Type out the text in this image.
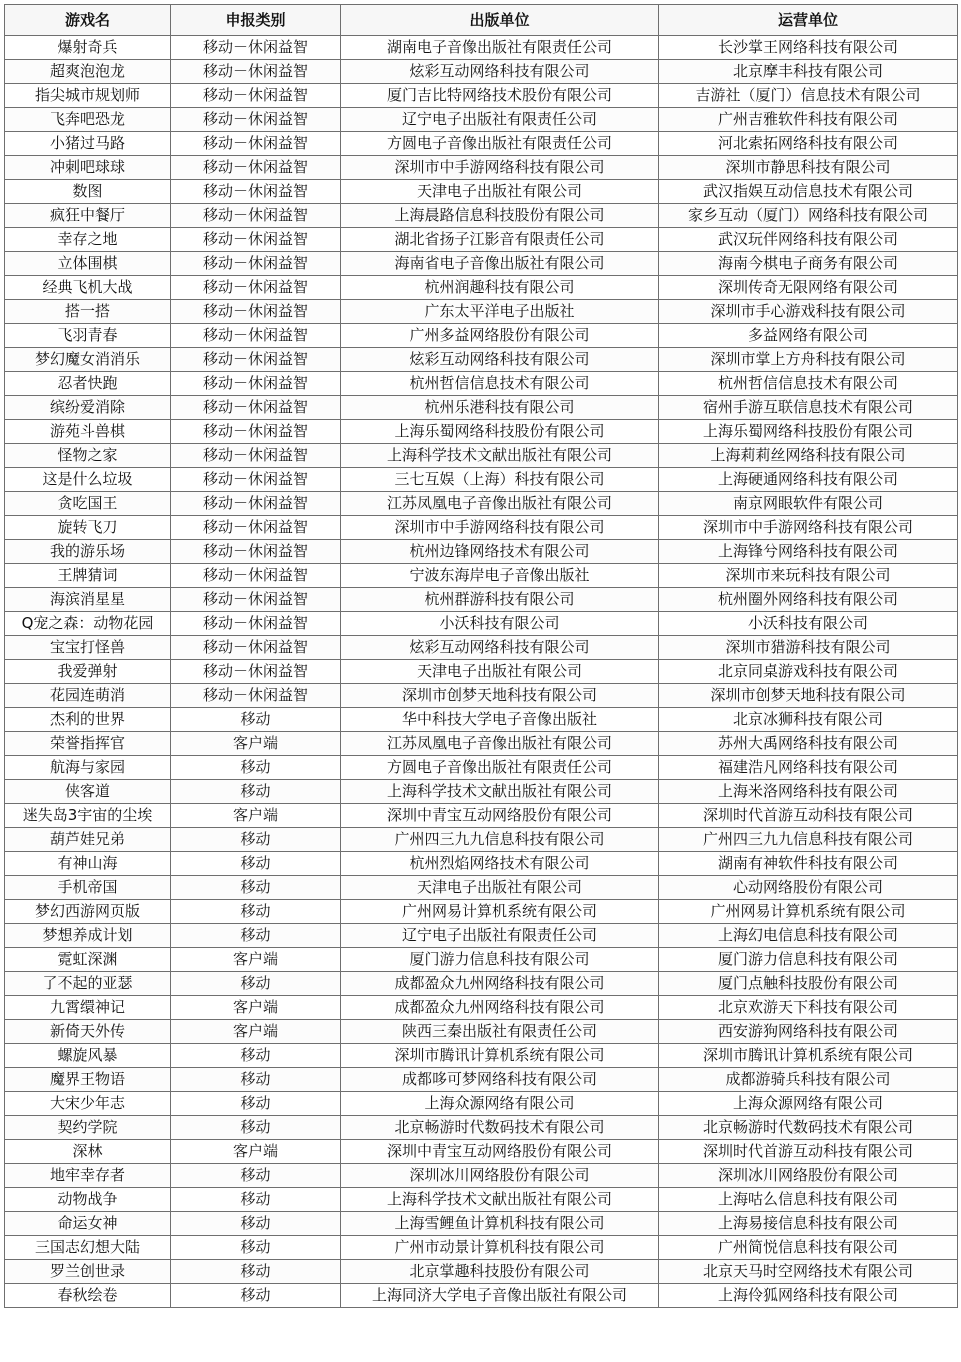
游戏名	申报类别	出版单位	运营单位
爆射奇兵	移动－休闲益智	湖南电子音像出版社有限责任公司	长沙掌王网络科技有限公司
超爽泡泡龙	移动－休闲益智	炫彩互动网络科技有限公司	北京摩丰科技有限公司
指尖城市规划师	移动－休闲益智	厦门吉比特网络技术股份有限公司	吉游社（厦门）信息技术有限公司
飞奔吧恐龙	移动－休闲益智	辽宁电子出版社有限责任公司	广州吉雅软件科技有限公司
小猪过马路	移动－休闲益智	方圆电子音像出版社有限责任公司	河北索拓网络科技有限公司
冲刺吧球球	移动－休闲益智	深圳市中手游网络科技有限公司	深圳市静思科技有限公司
数图	移动－休闲益智	天津电子出版社有限公司	武汉指娱互动信息技术有限公司
疯狂中餐厅	移动－休闲益智	上海晨路信息科技股份有限公司	家乡互动（厦门）网络科技有限公司
幸存之地	移动－休闲益智	湖北省扬子江影音有限责任公司	武汉玩伴网络科技有限公司
立体围棋	移动－休闲益智	海南省电子音像出版社有限公司	海南今棋电子商务有限公司
经典飞机大战	移动－休闲益智	杭州润趣科技有限公司	深圳传奇无限网络有限公司
搭一搭	移动－休闲益智	广东太平洋电子出版社	深圳市手心游戏科技有限公司
飞羽青春	移动－休闲益智	广州多益网络股份有限公司	多益网络有限公司
梦幻魔女消消乐	移动－休闲益智	炫彩互动网络科技有限公司	深圳市掌上方舟科技有限公司
忍者快跑	移动－休闲益智	杭州哲信信息技术有限公司	杭州哲信信息技术有限公司
缤纷爱消除	移动－休闲益智	杭州乐港科技有限公司	宿州手游互联信息技术有限公司
游苑斗兽棋	移动－休闲益智	上海乐蜀网络科技股份有限公司	上海乐蜀网络科技股份有限公司
怪物之家	移动－休闲益智	上海科学技术文献出版社有限公司	上海莉莉丝网络科技有限公司
这是什么垃圾	移动－休闲益智	三七互娱（上海）科技有限公司	上海硬通网络科技有限公司
贪吃国王	移动－休闲益智	江苏凤凰电子音像出版社有限公司	南京网眼软件有限公司
旋转飞刀	移动－休闲益智	深圳市中手游网络科技有限公司	深圳市中手游网络科技有限公司
我的游乐场	移动－休闲益智	杭州边锋网络技术有限公司	上海锋兮网络科技有限公司
王牌猜词	移动－休闲益智	宁波东海岸电子音像出版社	深圳市来玩科技有限公司
海滨消星星	移动－休闲益智	杭州群游科技有限公司	杭州圈外网络科技有限公司
Q宠之森：动物花园	移动－休闲益智	小沃科技有限公司	小沃科技有限公司
宝宝打怪兽	移动－休闲益智	炫彩互动网络科技有限公司	深圳市猎游科技有限公司
我爱弹射	移动－休闲益智	天津电子出版社有限公司	北京同桌游戏科技有限公司
花园连萌消	移动－休闲益智	深圳市创梦天地科技有限公司	深圳市创梦天地科技有限公司
杰利的世界	移动	华中科技大学电子音像出版社	北京冰狮科技有限公司
荣誉指挥官	客户端	江苏凤凰电子音像出版社有限公司	苏州大禹网络科技有限公司
航海与家园	移动	方圆电子音像出版社有限责任公司	福建浩凡网络科技有限公司
侠客道	移动	上海科学技术文献出版社有限公司	上海米洛网络科技有限公司
迷失岛3宇宙的尘埃	客户端	深圳中青宝互动网络股份有限公司	深圳时代首游互动科技有限公司
葫芦娃兄弟	移动	广州四三九九信息科技有限公司	广州四三九九信息科技有限公司
有神山海	移动	杭州烈焰网络技术有限公司	湖南有神软件科技有限公司
手机帝国	移动	天津电子出版社有限公司	心动网络股份有限公司
梦幻西游网页版	移动	广州网易计算机系统有限公司	广州网易计算机系统有限公司
梦想养成计划	移动	辽宁电子出版社有限责任公司	上海幻电信息科技有限公司
霓虹深渊	客户端	厦门游力信息科技有限公司	厦门游力信息科技有限公司
了不起的亚瑟	移动	成都盈众九州网络科技有限公司	厦门点触科技股份有限公司
九霄缳神记	客户端	成都盈众九州网络科技有限公司	北京欢游天下科技有限公司
新倚天外传	客户端	陕西三秦出版社有限责任公司	西安游狗网络科技有限公司
螺旋风暴	移动	深圳市腾讯计算机系统有限公司	深圳市腾讯计算机系统有限公司
魔界王物语	移动	成都哆可梦网络科技有限公司	成都游骑兵科技有限公司
大宋少年志	移动	上海众源网络有限公司	上海众源网络有限公司
契约学院	移动	北京畅游时代数码技术有限公司	北京畅游时代数码技术有限公司
深林	客户端	深圳中青宝互动网络股份有限公司	深圳时代首游互动科技有限公司
地牢幸存者	移动	深圳冰川网络股份有限公司	深圳冰川网络股份有限公司
动物战争	移动	上海科学技术文献出版社有限公司	上海咕么信息科技有限公司
命运女神	移动	上海雪鲤鱼计算机科技有限公司	上海易接信息科技有限公司
三国志幻想大陆	移动	广州市动景计算机科技有限公司	广州简悦信息科技有限公司
罗兰创世录	移动	北京掌趣科技股份有限公司	北京天马时空网络技术有限公司
春秋绘卷	移动	上海同济大学电子音像出版社有限公司	上海伶狐网络科技有限公司
